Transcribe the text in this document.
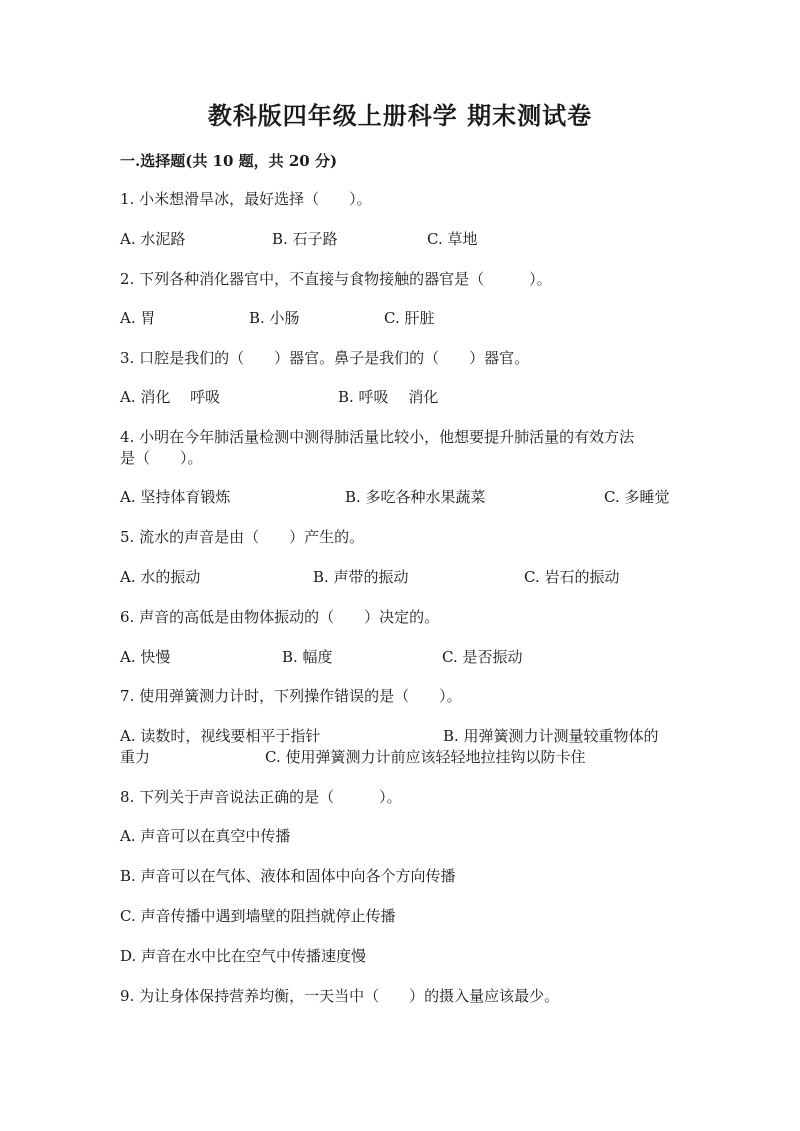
教科版四年级上册科学 期末测试卷
一.选择题(共 10 题，共 20 分)
1. 小米想滑旱冰，最好选择（　　）。
A. 水泥路	B. 石子路	C. 草地
2. 下列各种消化器官中，不直接与食物接触的器官是（　　　）。
A. 胃	B. 小肠	C. 肝脏
3. 口腔是我们的（　　）器官。鼻子是我们的（　　）器官。
A. 消化　 呼吸	B. 呼吸　 消化
4. 小明在今年肺活量检测中测得肺活量比较小，他想要提升肺活量的有效方法
是（　　）。
A. 坚持体育锻炼	B. 多吃各种水果蔬菜	C. 多睡觉
5. 流水的声音是由（　　）产生的。
A. 水的振动	B. 声带的振动	C. 岩石的振动
6. 声音的高低是由物体振动的（　　）决定的。
A. 快慢	B. 幅度	C. 是否振动
7. 使用弹簧测力计时，下列操作错误的是（　　）。
A. 读数时，视线要相平于指针	B. 用弹簧测力计测量较重物体的
重力	C. 使用弹簧测力计前应该轻轻地拉挂钩以防卡住
8. 下列关于声音说法正确的是（　　　）。
A. 声音可以在真空中传播
B. 声音可以在气体、液体和固体中向各个方向传播
C. 声音传播中遇到墙壁的阻挡就停止传播
D. 声音在水中比在空气中传播速度慢
9. 为让身体保持营养均衡，一天当中（　　）的摄入量应该最少。
